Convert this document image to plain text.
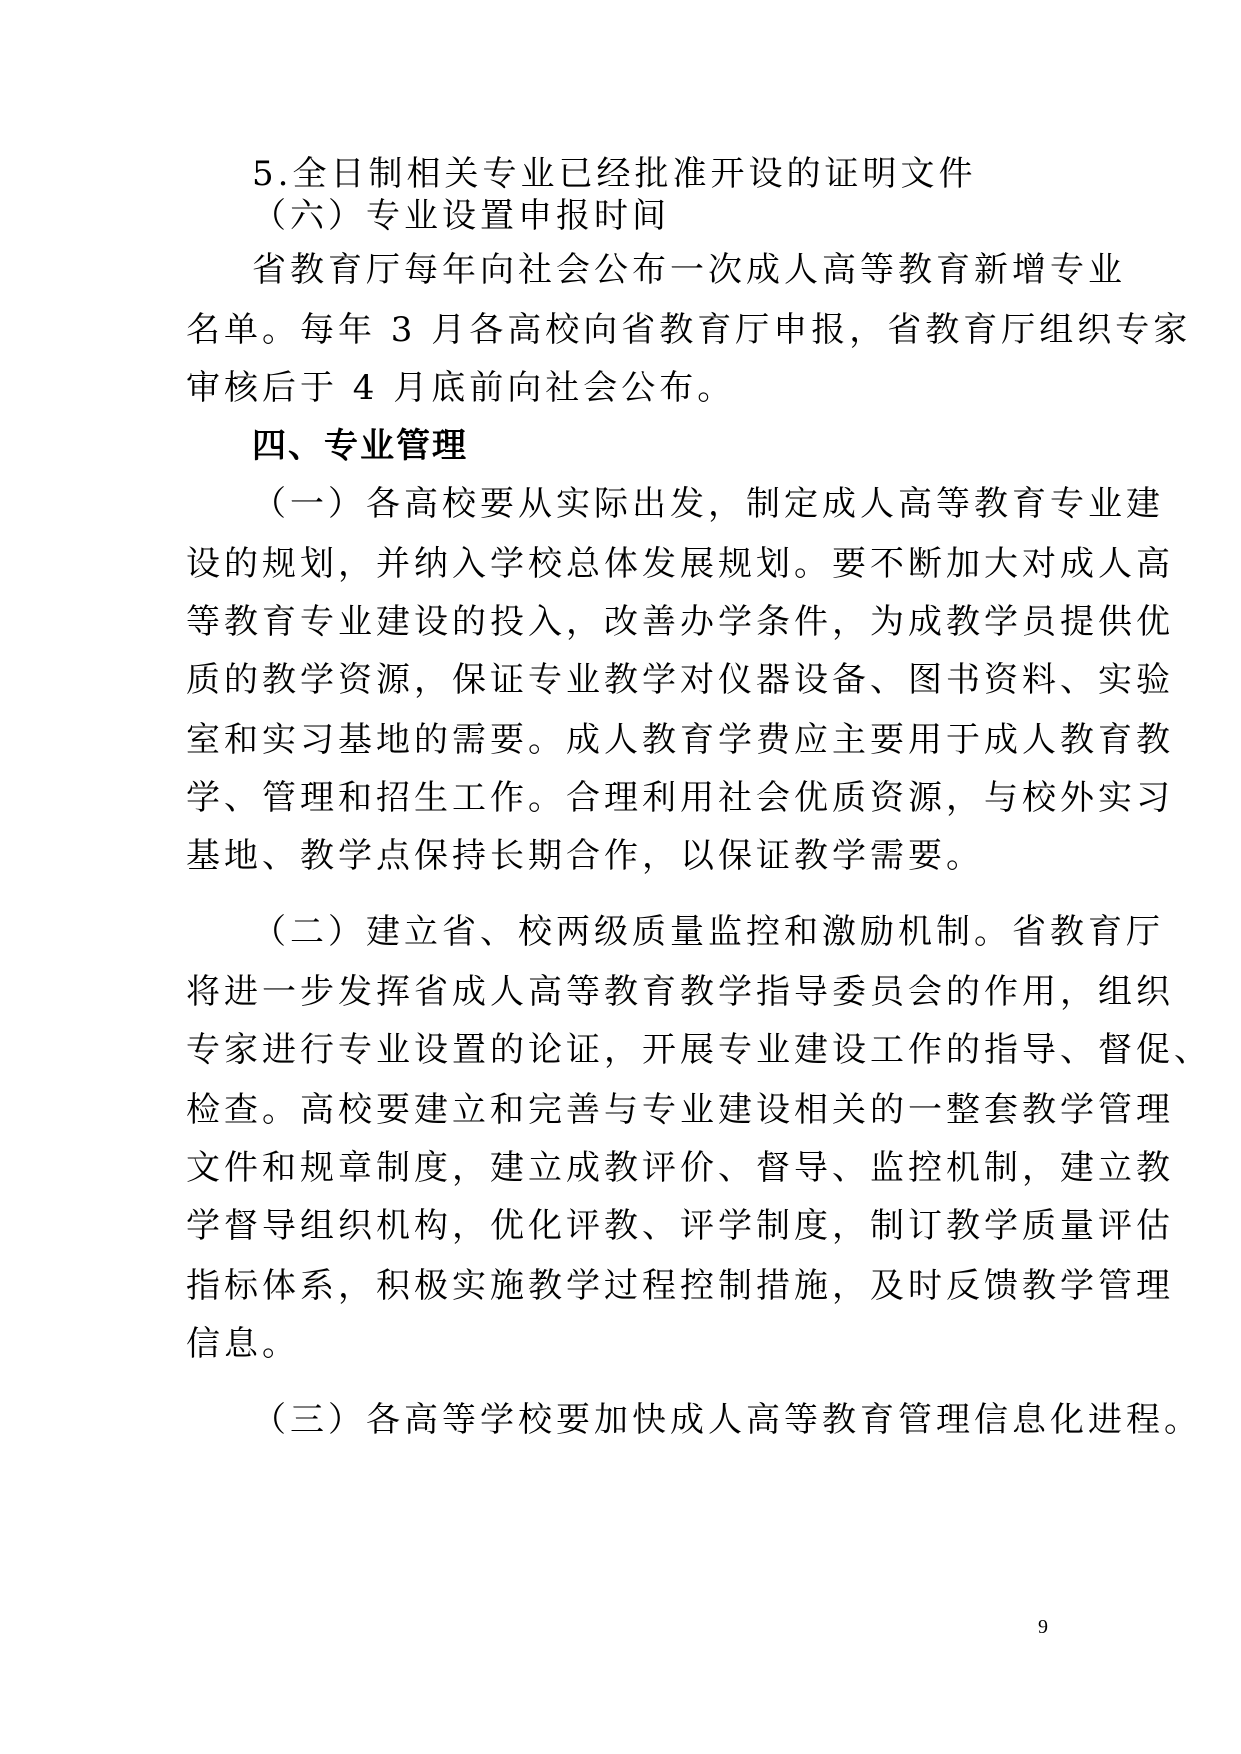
5.全日制相关专业已经批准开设的证明文件
（六）专业设置申报时间
省教育厅每年向社会公布一次成人高等教育新增专业
名单。每年 3 月各高校向省教育厅申报，省教育厅组织专家
审核后于 4 月底前向社会公布。
四、专业管理
（一）各高校要从实际出发，制定成人高等教育专业建
设的规划，并纳入学校总体发展规划。要不断加大对成人高
等教育专业建设的投入，改善办学条件，为成教学员提供优
质的教学资源，保证专业教学对仪器设备、图书资料、实验
室和实习基地的需要。成人教育学费应主要用于成人教育教
学、管理和招生工作。合理利用社会优质资源，与校外实习
基地、教学点保持长期合作，以保证教学需要。
（二）建立省、校两级质量监控和激励机制。省教育厅
将进一步发挥省成人高等教育教学指导委员会的作用，组织
专家进行专业设置的论证，开展专业建设工作的指导、督促、
检查。高校要建立和完善与专业建设相关的一整套教学管理
文件和规章制度，建立成教评价、督导、监控机制，建立教
学督导组织机构，优化评教、评学制度，制订教学质量评估
指标体系，积极实施教学过程控制措施，及时反馈教学管理
信息。
（三）各高等学校要加快成人高等教育管理信息化进程。
9
